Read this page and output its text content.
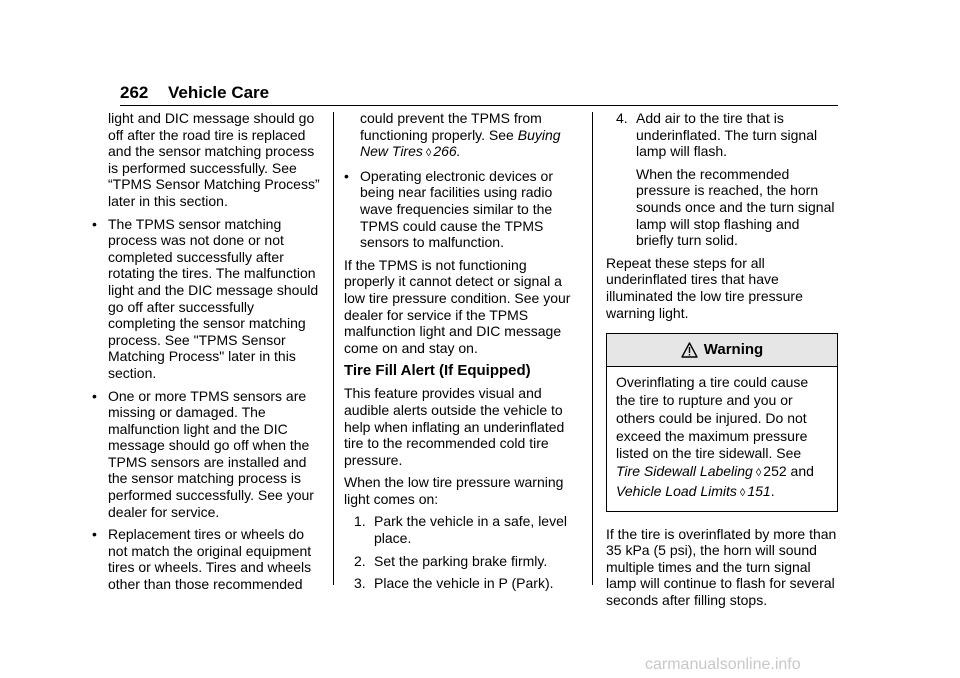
262 Vehicle Care

light and DIC message should go off after the road tire is replaced and the sensor matching process is performed successfully. See “TPMS Sensor Matching Process” later in this section.

• The TPMS sensor matching process was not done or not completed successfully after rotating the tires. The malfunction light and the DIC message should go off after successfully completing the sensor matching process. See "TPMS Sensor Matching Process" later in this section.
• One or more TPMS sensors are missing or damaged. The malfunction light and the DIC message should go off when the TPMS sensors are installed and the sensor matching process is performed successfully. See your dealer for service.
• Replacement tires or wheels do not match the original equipment tires or wheels. Tires and wheels other than those recommended

could prevent the TPMS from functioning properly. See Buying New Tires ◊ 266.

• Operating electronic devices or being near facilities using radio wave frequencies similar to the TPMS could cause the TPMS sensors to malfunction.

If the TPMS is not functioning properly it cannot detect or signal a low tire pressure condition. See your dealer for service if the TPMS malfunction light and DIC message come on and stay on.

Tire Fill Alert (If Equipped)

This feature provides visual and audible alerts outside the vehicle to help when inflating an underinflated tire to the recommended cold tire pressure.

When the low tire pressure warning light comes on:

1. Park the vehicle in a safe, level place.
2. Set the parking brake firmly.
3. Place the vehicle in P (Park).
4. Add air to the tire that is underinflated. The turn signal lamp will flash.

When the recommended pressure is reached, the horn sounds once and the turn signal lamp will stop flashing and briefly turn solid.

Repeat these steps for all underinflated tires that have illuminated the low tire pressure warning light.

Warning
Overinflating a tire could cause the tire to rupture and you or others could be injured. Do not exceed the maximum pressure listed on the tire sidewall. See Tire Sidewall Labeling ◊ 252 and Vehicle Load Limits ◊ 151.

If the tire is overinflated by more than 35 kPa (5 psi), the horn will sound multiple times and the turn signal lamp will continue to flash for several seconds after filling stops.

carmanualsonline.info
